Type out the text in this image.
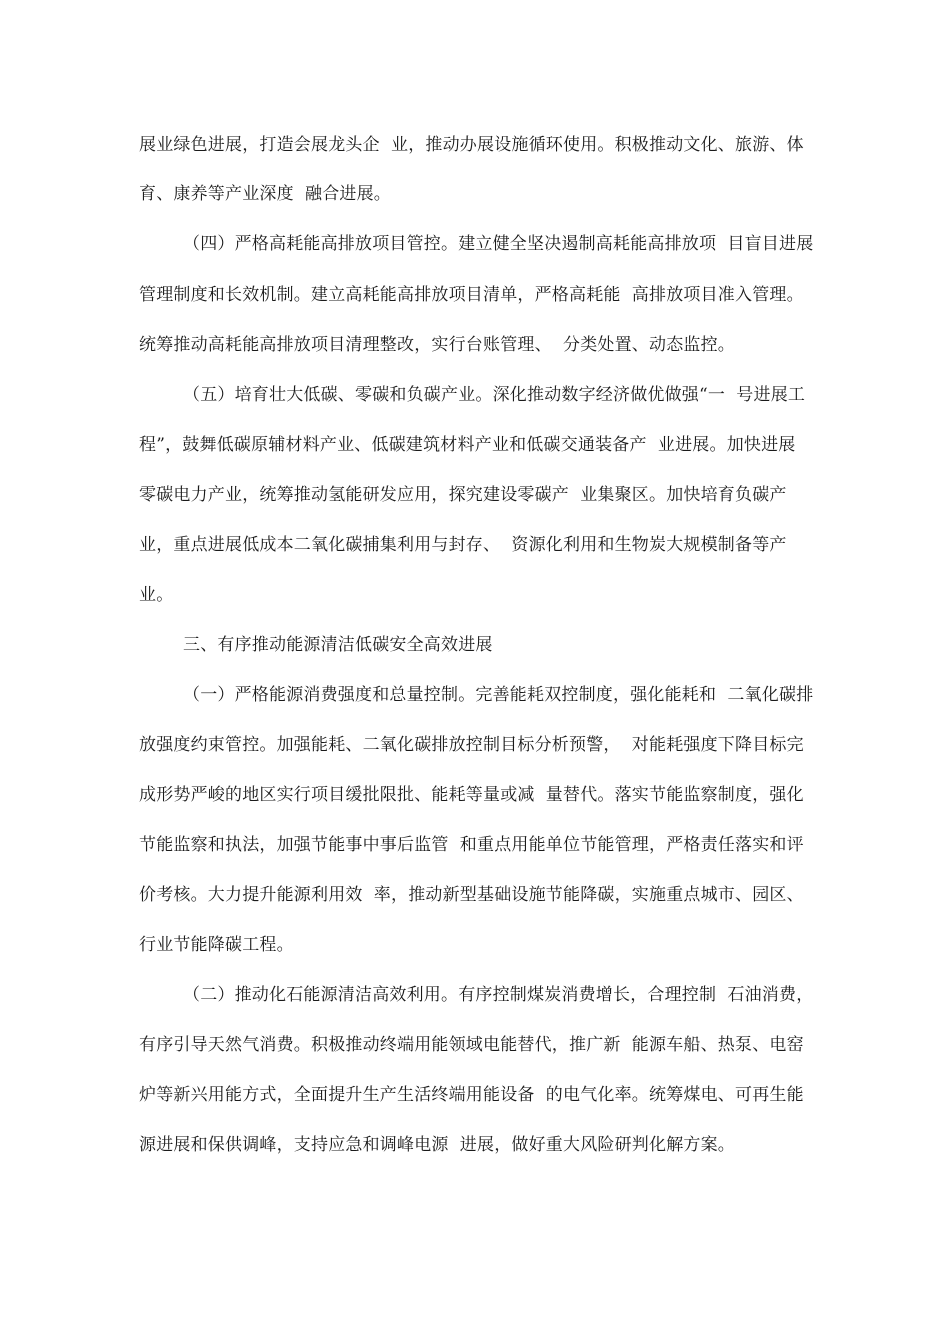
展业绿色进展，打造会展龙头企  业，推动办展设施循环使用。积极推动文化、旅游、体

育、康养等产业深度  融合进展。

（四）严格高耗能高排放项目管控。建立健全坚决遏制高耗能高排放项  目盲目进展

管理制度和长效机制。建立高耗能高排放项目清单，严格高耗能  高排放项目准入管理。

统筹推动高耗能高排放项目清理整改，实行台账管理、  分类处置、动态监控。

（五）培育壮大低碳、零碳和负碳产业。深化推动数字经济做优做强“一  号进展工

程”，鼓舞低碳原辅材料产业、低碳建筑材料产业和低碳交通装备产  业进展。加快进展

零碳电力产业，统筹推动氢能研发应用，探究建设零碳产  业集聚区。加快培育负碳产

业，重点进展低成本二氧化碳捕集利用与封存、  资源化利用和生物炭大规模制备等产

业。

三、有序推动能源清洁低碳安全高效进展

（一）严格能源消费强度和总量控制。完善能耗双控制度，强化能耗和  二氧化碳排

放强度约束管控。加强能耗、二氧化碳排放控制目标分析预警，  对能耗强度下降目标完

成形势严峻的地区实行项目缓批限批、能耗等量或减  量替代。落实节能监察制度，强化

节能监察和执法，加强节能事中事后监管  和重点用能单位节能管理，严格责任落实和评

价考核。大力提升能源利用效  率，推动新型基础设施节能降碳，实施重点城市、园区、

行业节能降碳工程。

（二）推动化石能源清洁高效利用。有序控制煤炭消费增长，合理控制  石油消费，

有序引导天然气消费。积极推动终端用能领域电能替代，推广新  能源车船、热泵、电窑

炉等新兴用能方式，全面提升生产生活终端用能设备  的电气化率。统筹煤电、可再生能

源进展和保供调峰，支持应急和调峰电源  进展，做好重大风险研判化解方案。
